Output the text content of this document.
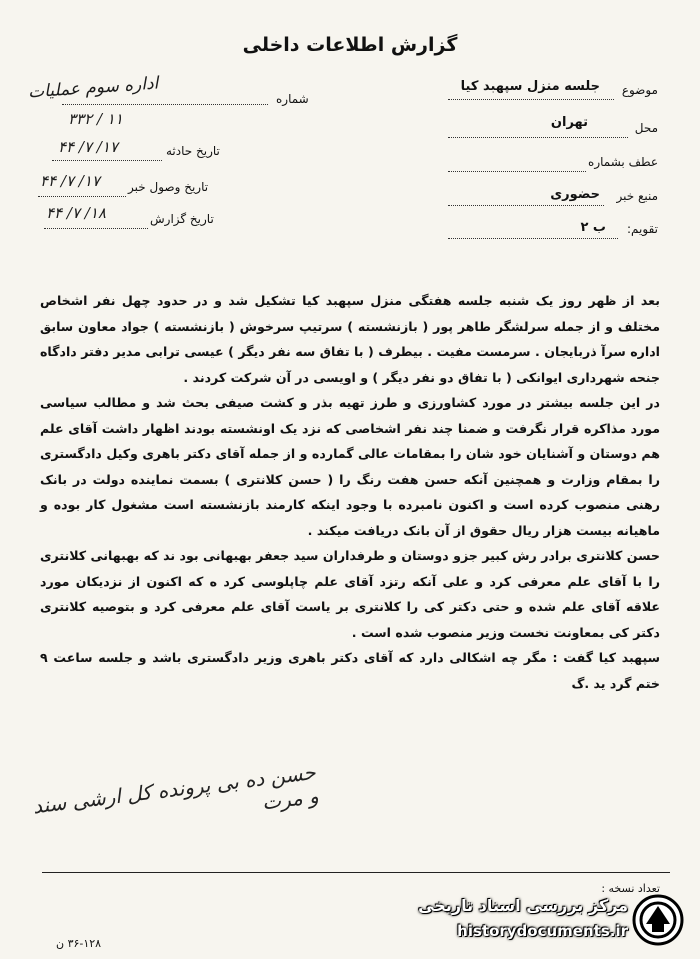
گزارش اطلاعات داخلی
موضوع
جلسه منزل سپهبد کیا
محل
تهران
عطف بشماره
منبع خبر
حضوری
تقویم:
ب ۲
شماره
اداره سوم عملیات
۱۱ / ۳۳۲
تاریخ حادثه
۱۷/ ۷/ ۴۴
تاریخ وصول خبر
۱۷/ ۷/ ۴۴
تاریخ گزارش
۱۸/ ۷/ ۴۴

بعد از ظهر روز یک شنبه جلسه هفتگی منزل سپهبد کیا تشکیل شد و در حدود چهل نفر اشخاص مختلف و از جمله سرلشگر طاهر پور ( بازنشسته ) سرتیپ سرخوش ( بازنشسته ) جواد معاون سابق اداره سرآ ذربایجان . سرمست مفیت . بیطرف ( با تفاق سه نفر دیگر ) عیسی ترابی مدیر دفتر دادگاه جنحه شهرداری ایوانکی ( با تفاق دو نفر دیگر ) و اویسی در آن شرکت کردند .

در این جلسه بیشتر در مورد کشاورزی و طرز تهیه بذر و کشت صیفی بحث شد و مطالب سیاسی مورد مذاکره قرار نگرفت و ضمنا چند نفر اشخاصی که نزد یک اونشسته بودند اظهار داشت آقای علم هم دوستان و آشنایان خود شان را بمقامات عالی گمارده و از جمله آقای دکتر باهری وکیل دادگستری را بمقام وزارت و همچنین آنکه حسن هفت رنگ را ( حسن کلانتری ) بسمت نماینده دولت در بانک رهنی منصوب کرده است و اکنون نامبرده با وجود اینکه کارمند بازنشسته است مشغول کار بوده و ماهیانه بیست هزار ریال حقوق از آن بانک دریافت میکند .

حسن کلانتری برادر رش کبیر جزو دوستان و طرفداران سید جعفر بهبهانی بود ند که بهبهانی کلانتری را با آقای علم معرفی کرد و علی آنکه رتزد آقای علم چاپلوسی کرد ه که اکنون از نزدیکان مورد علاقه آقای علم شده و حتی دکتر کی را کلانتری بر یاست آقای علم معرفی کرد و بتوصیه کلانتری دکتر کی بمعاونت نخست وزیر منصوب شده است .

سپهبد کیا گفت : مگر چه اشکالی دارد که آقای دکتر باهری وزیر دادگستری باشد و جلسه ساعت ۹ ختم گرد ید .گ

حسن ده بی پرونده کل ارشی سند و مرت
تعداد نسخه :
۳۶-۱۲۸ ن
مرکز بررسی اسناد تاریخی
historydocuments.ir
